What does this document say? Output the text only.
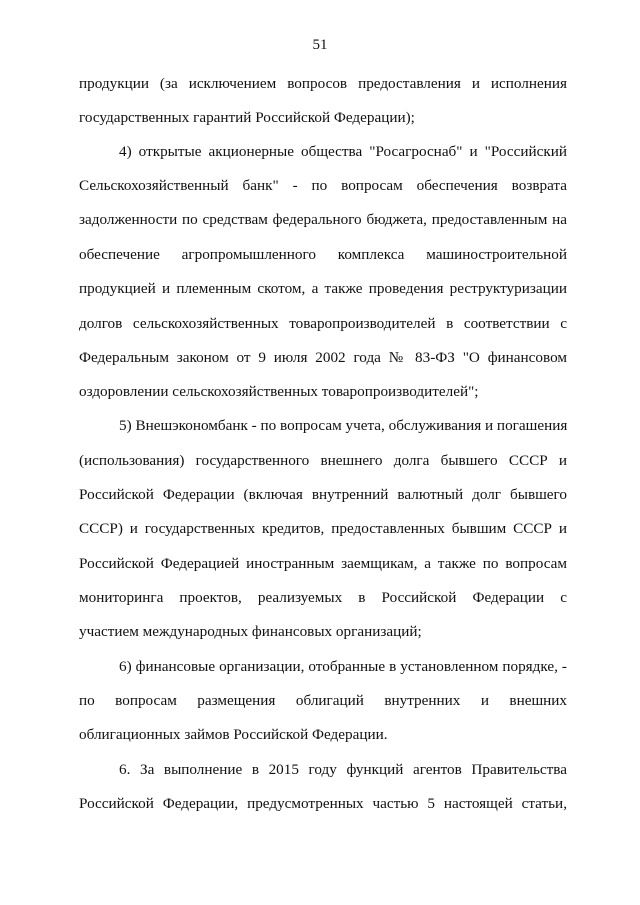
51
продукции (за исключением вопросов предоставления и исполнения
государственных гарантий Российской Федерации);
4) открытые акционерные общества "Росагроснаб" и "Российский
Сельскохозяйственный банк" - по вопросам обеспечения возврата
задолженности по средствам федерального бюджета, предоставленным на
обеспечение агропромышленного комплекса машиностроительной
продукцией и племенным скотом, а также проведения реструктуризации
долгов сельскохозяйственных товаропроизводителей в соответствии с
Федеральным законом от 9 июля 2002 года № 83-ФЗ "О финансовом
оздоровлении сельскохозяйственных товаропроизводителей";
5) Внешэкономбанк - по вопросам учета, обслуживания и погашения
(использования) государственного внешнего долга бывшего СССР и
Российской Федерации (включая внутренний валютный долг бывшего
СССР) и государственных кредитов, предоставленных бывшим СССР и
Российской Федерацией иностранным заемщикам, а также по вопросам
мониторинга проектов, реализуемых в Российской Федерации с
участием международных финансовых организаций;
6) финансовые организации, отобранные в установленном порядке, -
по вопросам размещения облигаций внутренних и внешних
облигационных займов Российской Федерации.
6. За выполнение в 2015 году функций агентов Правительства
Российской Федерации, предусмотренных частью 5 настоящей статьи,
